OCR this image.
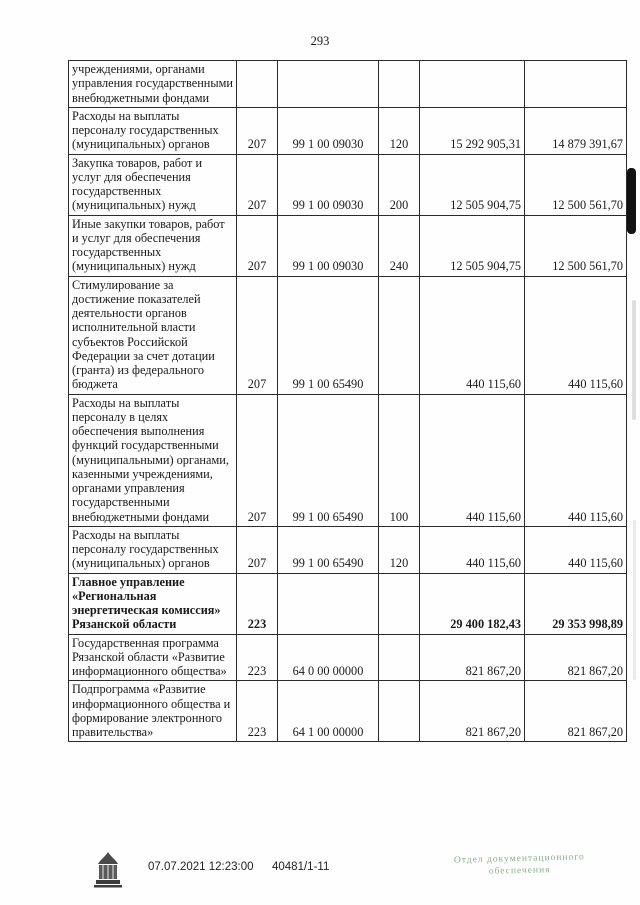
293
учреждениями, органами управления государственными внебюджетными фондами					
Расходы на выплаты персоналу государственных (муниципальных) органов	207	99 1 00 09030	120	15 292 905,31	14 879 391,67
Закупка товаров, работ и услуг для обеспечения государственных (муниципальных) нужд	207	99 1 00 09030	200	12 505 904,75	12 500 561,70
Иные закупки товаров, работ и услуг для обеспечения государственных (муниципальных) нужд	207	99 1 00 09030	240	12 505 904,75	12 500 561,70
Стимулирование за достижение показателей деятельности органов исполнительной власти субъектов Российской Федерации за счет дотации (гранта) из федерального бюджета	207	99 1 00 65490		440 115,60	440 115,60
Расходы на выплаты персоналу в целях обеспечения выполнения функций государственными (муниципальными) органами, казенными учреждениями, органами управления государственными внебюджетными фондами	207	99 1 00 65490	100	440 115,60	440 115,60
Расходы на выплаты персоналу государственных (муниципальных) органов	207	99 1 00 65490	120	440 115,60	440 115,60
Главное управление «Региональная энергетическая комиссия» Рязанской области	223			29 400 182,43	29 353 998,89
Государственная программа Рязанской области «Развитие информационного общества»	223	64 0 00 00000		821 867,20	821 867,20
Подпрограмма «Развитие информационного общества и формирование электронного правительства»	223	64 1 00 00000		821 867,20	821 867,20
07.07.2021 12:23:00 40481/1-11
Отдел документационного
обеспечения
